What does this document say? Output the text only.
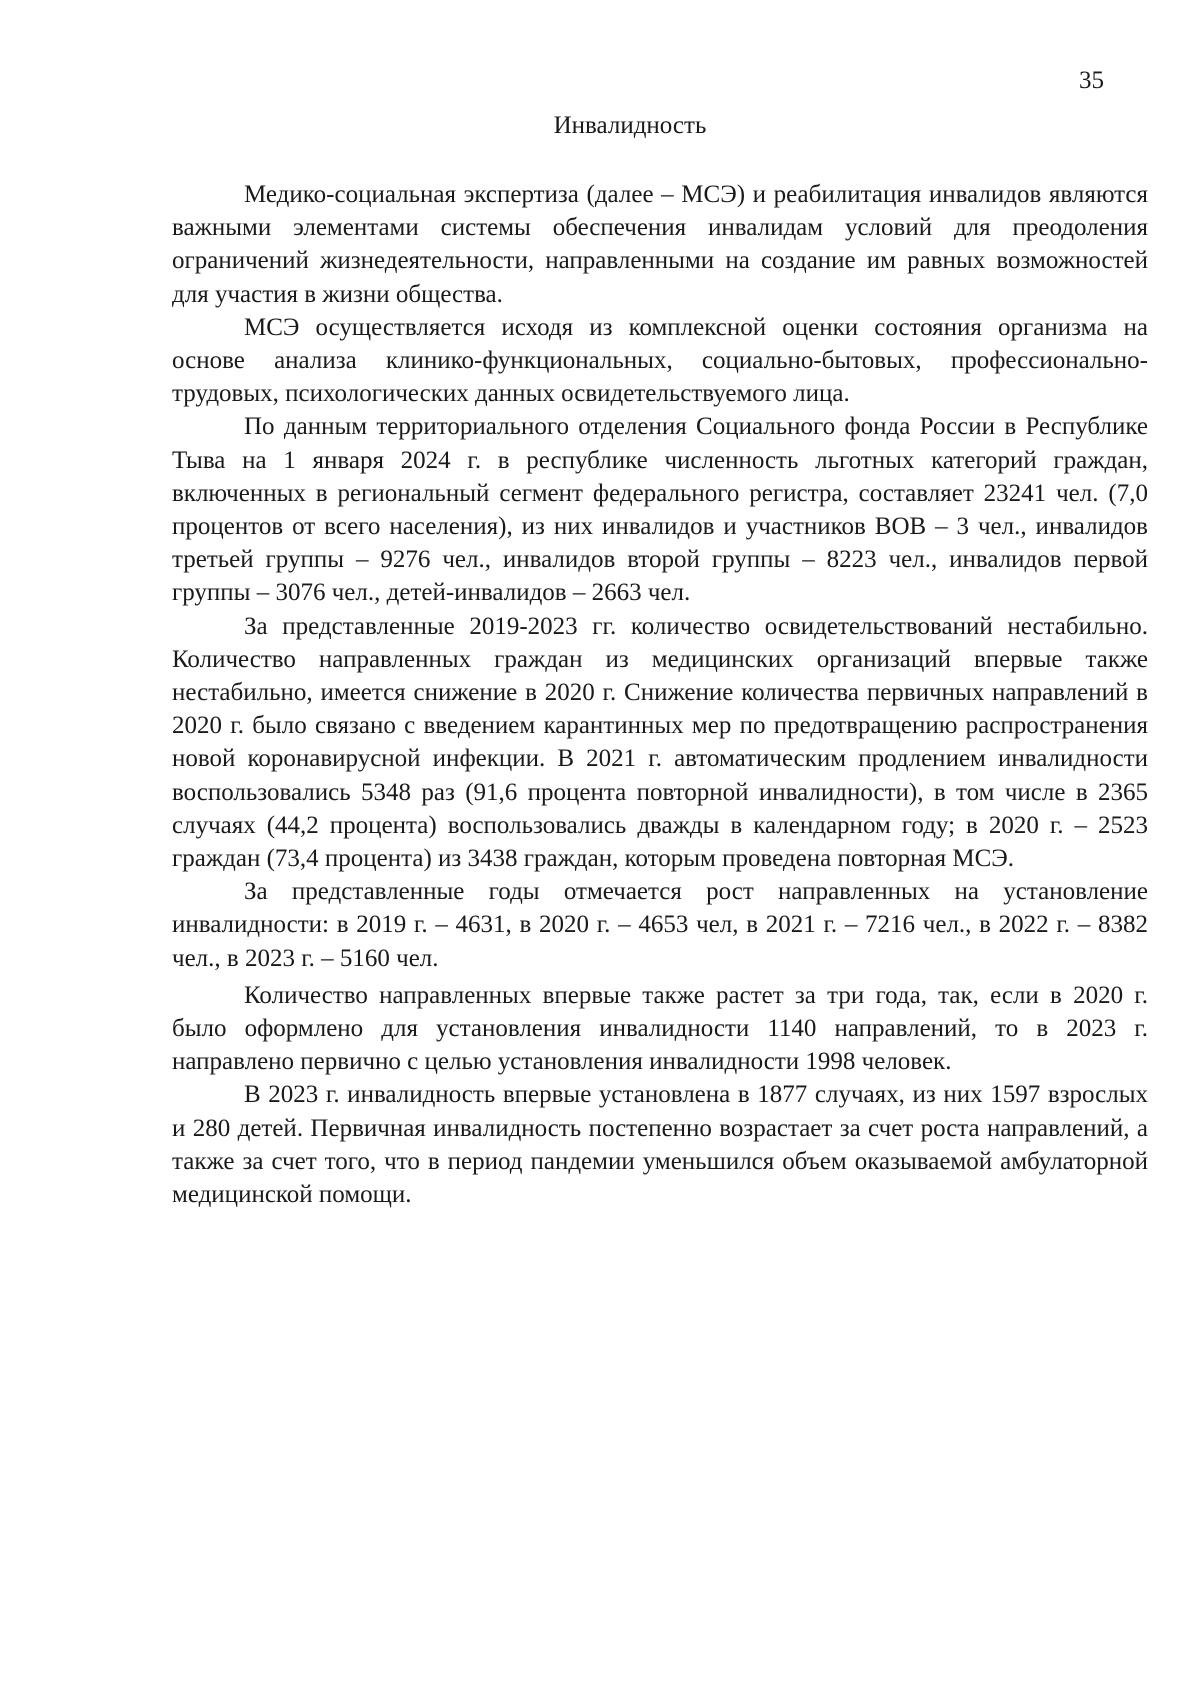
35
Инвалидность

Медико-социальная экспертиза (далее – МСЭ) и реабилитация инвалидов являются важными элементами системы обеспечения инвалидам условий для преодоления ограничений жизнедеятельности, направленными на создание им равных возможностей для участия в жизни общества.

МСЭ осуществляется исходя из комплексной оценки состояния организма на основе анализа клинико-функциональных, социально-бытовых, профессионально-трудовых, психологических данных освидетельствуемого лица.

По данным территориального отделения Социального фонда России в Республике Тыва на 1 января 2024 г. в республике численность льготных категорий граждан, включенных в региональный сегмент федерального регистра, составляет 23241 чел. (7,0 процентов от всего населения), из них инвалидов и участников ВОВ – 3 чел., инвалидов третьей группы – 9276 чел., инвалидов второй группы – 8223 чел., инвалидов первой группы – 3076 чел., детей-инвалидов – 2663 чел.

За представленные 2019-2023 гг. количество освидетельствований нестабильно. Количество направленных граждан из медицинских организаций впервые также нестабильно, имеется снижение в 2020 г. Снижение количества первичных направлений в 2020 г. было связано с введением карантинных мер по предотвращению распространения новой коронавирусной инфекции. В 2021 г. автоматическим продлением инвалидности воспользовались 5348 раз (91,6 процента повторной инвалидности), в том числе в 2365 случаях (44,2 процента) воспользовались дважды в календарном году; в 2020 г. – 2523 граждан (73,4 процента) из 3438 граждан, которым проведена повторная МСЭ.

За представленные годы отмечается рост направленных на установление инвалидности: в 2019 г. – 4631, в 2020 г. – 4653 чел, в 2021 г. – 7216 чел., в 2022 г. – 8382 чел., в 2023 г. – 5160 чел.

Количество направленных впервые также растет за три года, так, если в 2020 г. было оформлено для установления инвалидности 1140 направлений, то в 2023 г. направлено первично с целью установления инвалидности 1998 человек.

В 2023 г. инвалидность впервые установлена в 1877 случаях, из них 1597 взрослых и 280 детей. Первичная инвалидность постепенно возрастает за счет роста направлений, а также за счет того, что в период пандемии уменьшился объем оказываемой амбулаторной медицинской помощи.
